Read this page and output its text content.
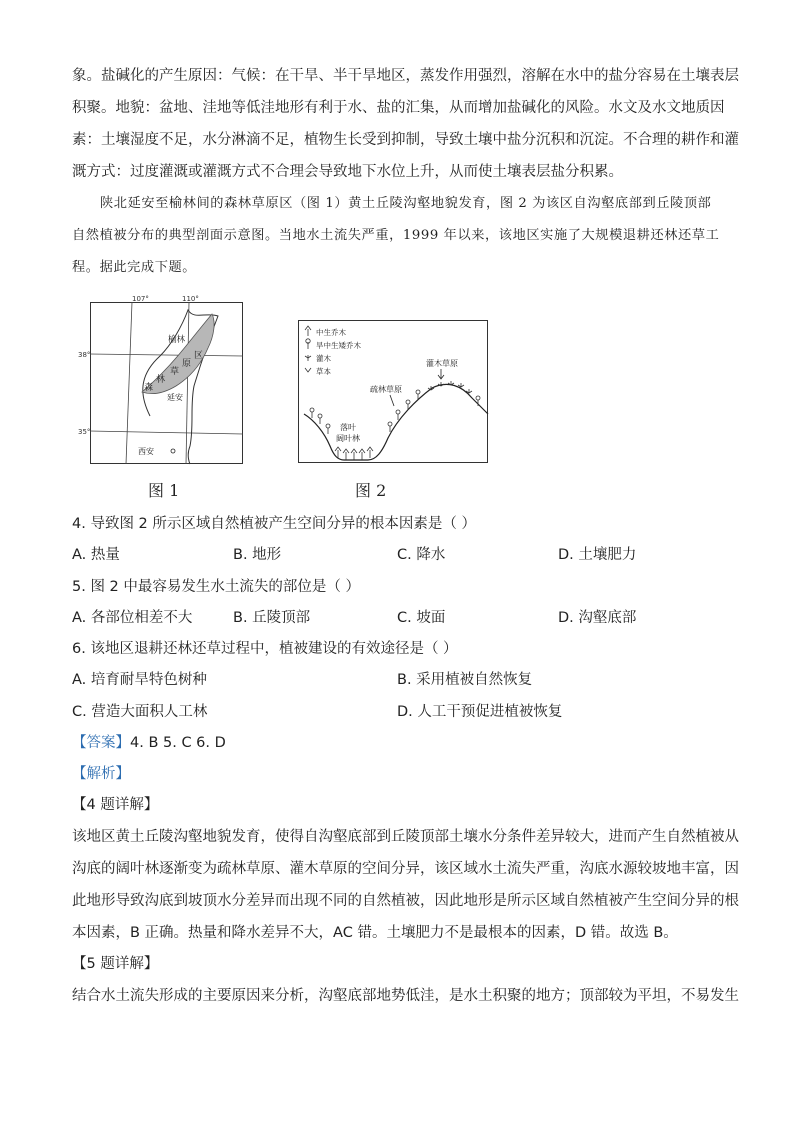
象。盐碱化的产生原因：气候：在干旱、半干旱地区，蒸发作用强烈，溶解在水中的盐分容易在土壤表层
积聚。地貌：盆地、洼地等低洼地形有利于水、盐的汇集，从而增加盐碱化的风险。水文及水文地质因
素：土壤湿度不足，水分淋滴不足，植物生长受到抑制，导致土壤中盐分沉积和沉淀。不合理的耕作和灌
溉方式：过度灌溉或灌溉方式不合理会导致地下水位上升，从而使土壤表层盐分积累。
陕北延安至榆林间的森林草原区（图 1）黄土丘陵沟壑地貌发育，图 2 为该区自沟壑底部到丘陵顶部
自然植被分布的典型剖面示意图。当地水土流失严重，1999 年以来，该地区实施了大规模退耕还林还草工
程。据此完成下题。
107°	110°
38°
35°
榆林
延安
西安
森
林
草
原
区
图 1
中生乔木
旱中生矮乔木
灌木
草本
灌木草原
疏林草原
落叶
阔叶林
图 2
4. 导致图 2 所示区域自然植被产生空间分异的根本因素是（ ）
A. 热量	B. 地形	C. 降水	D. 土壤肥力
5. 图 2 中最容易发生水土流失的部位是（ ）
A. 各部位相差不大	B. 丘陵顶部	C. 坡面	D. 沟壑底部
6. 该地区退耕还林还草过程中，植被建设的有效途径是（ ）
A. 培育耐旱特色树种	B. 采用植被自然恢复
C. 营造大面积人工林	D. 人工干预促进植被恢复
【答案】4. B 5. C 6. D
【解析】
【4 题详解】
该地区黄土丘陵沟壑地貌发育，使得自沟壑底部到丘陵顶部土壤水分条件差异较大，进而产生自然植被从
沟底的阔叶林逐渐变为疏林草原、灌木草原的空间分异，该区域水土流失严重，沟底水源较坡地丰富，因
此地形导致沟底到坡顶水分差异而出现不同的自然植被，因此地形是所示区域自然植被产生空间分异的根
本因素，B 正确。热量和降水差异不大，AC 错。土壤肥力不是最根本的因素，D 错。故选 B。
【5 题详解】
结合水土流失形成的主要原因来分析，沟壑底部地势低洼，是水土积聚的地方；顶部较为平坦，不易发生
